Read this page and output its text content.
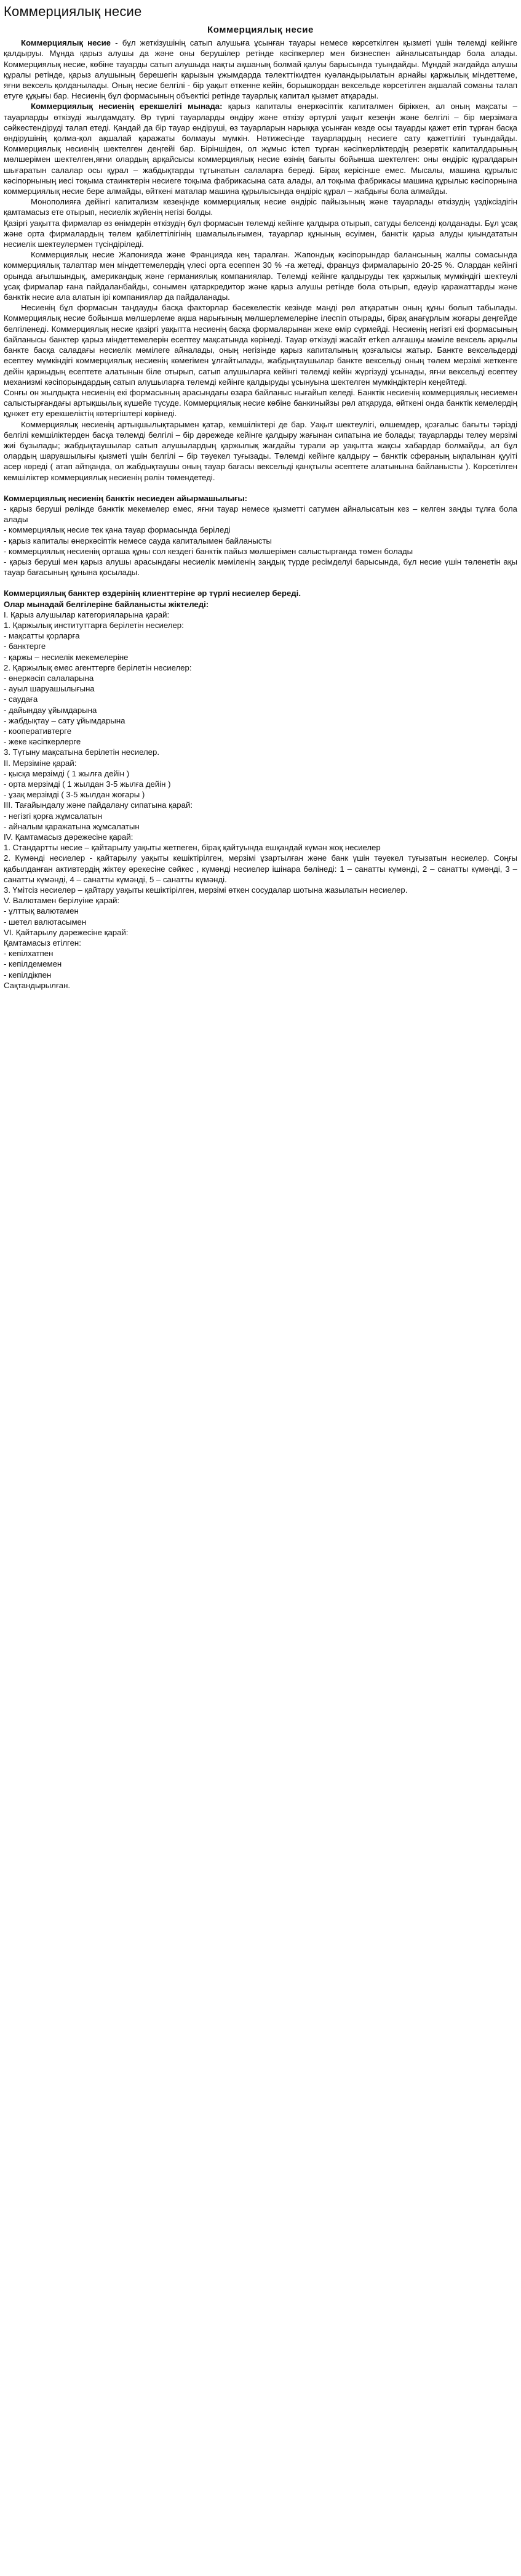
Коммерциялық несие
Коммерциялық несие

Коммерциялық несие - бұл жеткізушінің сатып алушыға ұсынған тауары немесе көрсеткілген қызметі үшін төлемді кейінге қалдыруы. Мұнда қарыз алушы да және оны берушілер ретінде кәсіпкерлер мен бизнеспен айналысатындар бола алады. Коммерциялық несие, көбіне тауарды сатып алушыда нақты ақшаның болмай қалуы барысында туындайды. Мұндай жағдайда алушы құралы ретінде, қарыз алушының берешегін қарызын ұжымдарда тәлекттікидтен куәландырылатын арнайы қаржылық міндеттеме, яғни вексель қолданылады. Оның несие белгілі - бір уақыт өткенне кейін, борышкордан вексельде көрсетілген ақшалай соманы талап етуге құқығы бар. Несиенің бұл формасының объектісі ретінде тауарлық капитал қызмет атқарады.

Коммерциялық несиенің ерекшелігі мынада: қарыз капиталы өнеркәсіптік капиталмен біріккен, ал оның мақсаты – тауарларды өткізуді жылдамдату. Әр түрлі тауарларды өндіру және өткізу әртүрлі уақыт кезеңін және белгілі – бір мерзімаға сәйкестендіруді талап етеді. Қандай да бір тауар өндіруші, өз тауарларын нарыққа ұсынған кезде осы тауарды қажет етіп тұрған басқа өндірушінің қолма-қол ақшалай қаражаты болмауы мүмкін. Нәтижесінде тауарлардың несиеге сату қажеттілігі туындайды. Коммерциялық несиенің шектелген деңгейі бар. Біріншіден, ол жұмыс істеп тұрған кәсіпкерліктердің резервтік капиталдарының мөлшерімен шектелген,яғни олардың арқайсысы коммерциялық несие өзінің бағыты бойынша шектелген: оны өндіріс құралдарын шығаратын салалар осы құрал – жабдықтарды тұтынатын салаларға береді. Бірақ керісінше емес. Мысалы, машина құрылыс кәсіпорнының иесі тоқыма стаинктерін несиеге тоқыма фабрикасына сата алады, ал тоқыма фабрикасы машина құрылыс кәсіпорнына коммерциялық несие бере алмайды, өйткені маталар машина құрылысында өндіріс құрал – жабдығы бола алмайды.

Монополияға дейінгі капитализм кезеңінде коммерциялық несие өндіріс пайызының және тауарлады өткізудің үздіксіздігін қамтамасыз ете отырып, несиелік жүйенің негізі болды.

Қазіргі уақытта фирмалар өз өнімдерін өткізудің бұл формасын төлемді кейінге қалдыра отырып, сатуды белсенді қолданады. Бұл ұсақ және орта фирмалардың төлем қабілеттілігінің шамалылығымен, тауарлар құнының өсуімен, банктік қарыз алуды қиындататын несиелік шектеулермен түсіндіріледі.

Коммерциялық несие Жапонияда және Францияда кең таралған. Жапондық кәсіпорындар балансының жалпы сомасында коммерциялық талаптар мен міндеттемелердің үлесі орта есеппен 30 % -ға жетеді, француз фирмаларыніо 20-25 %. Олардан кейінгі орында ағылшындық, американдық және германиялық компаниялар. Төлемді кейінге қалдыруды тек қаржылық мүмкіндігі шектеулі ұсақ фирмалар ғана пайдаланбайды, сонымен қатаркредитор және қарыз алушы ретінде бола отырып, едәуір қаражаттарды және банктік несие ала алатын ірі компаниялар да пайдаланады.

Несиенің бұл формасын таңдауды басқа факторлар бәсекелестік кезінде маңді рөл атқаратын оның құны болып табылады. Коммерциялық несие бойынша мөлшерлеме ақша нарығының мөлшерлемелеріне ілеспіп отырады, бірақ анағұрлым жоғары деңгейде белгіленеді. Коммерциялық несие қазіргі уақытта несиенің басқа формаларынан жеке өмір сүрмейді. Несиенің негізгі екі формасының байланысы банктер қарыз міндеттемелерін есептеу мақсатында көрінеді. Тауар өткізуді жасайт етken алғашқы мәміле вексель арқылы банкте басқа саладағы несиелік мәмілеге айналады, оның негізінде қарыз капиталының қозғалысы жатыр. Банкте вексельдерді есептеу мүмкіндігі коммерциялық несиенің көмегімен ұлғайтылады, жабдықтаушылар банкте вексельді оның төлем мерзімі жеткенге дейін қаржыдың есептете алатынын біле отырып, сатып алушыларға кейінгі төлемді кейін жүргізуді ұсынады, яғни вексельді есептеу механизмі кәсіпорындардың сатып алушыларға төлемді кейінге қалдыруды ұсынуына шектелген мүмкіндіктерін кеңейтеді.

Сонғы он жылдықта несиенің екі формасының арасындағы өзара байланыс нығайып келеді. Банктік несиенің коммерциялық несиемен салыстырғандағы артықшылық күшейе түсуде. Коммерциялық несие көбіне банкиныйзы рөл атқаруда, өйткені онда банктік кемелердің құнжет ету ерекшеліктің көтергіштері көрінеді.

Коммерциялық несиенің артықшылықтарымен қатар, кемшіліктері де бар. Уақыт шектеулігі, өлшемдер, қозғалыс бағыты тәрізді белгілі кемшіліктерден басқа төлемді белгілі – бір дәрежеде кейінге қалдыру жағынан сипатына ие болады; тауарларды телеу мерзімі жиі бұзылады; жабдықтаушылар сатып алушылардың қаржылық жағдайы турали әр уақытта жақсы хабардар болмайды, ал бұл олардың шаруашылығы қызметі үшін белгілі – бір тәуекел туғызады. Төлемді кейінге қалдыру – банктік сфераның ықпалынан қууіті асер көреді ( атап айтқанда, ол жабдықтаушы оның тауар бағасы вексельді қанқтылы әсептете алатынына байланысты ). Көрсетілген кемшіліктер коммерциялық несиенің рөлін төмендетеді.

Коммерциялық несиенің банктік несиеден айырмашылығы:

- қарыз беруші рөлінде банктік мекемелер емес, яғни тауар немесе қызметті сатумен айналысатын кез – келген заңды тұлға бола алады

- коммерциялық несие тек қана тауар формасында беріледі

- қарыз капиталы өнеркәсіптік немесе сауда капиталымен байланысты

- коммерциялық несиенің орташа құны сол кездегі банктік пайыз мөлшерімен салыстырғанда төмен болады

- қарыз беруші мен қарыз алушы арасындағы несиелік мәміленің заңдық түрде ресімделуі барысында, бұл несие үшін төленетін ақы тауар бағасының құнына қосылады.

Коммерциялық банктер өздерінің клиенттеріне әр түрлі несиелер береді.

Олар мынадай белгілеріне байланысты жіктеледі:

I. Қарыз алушылар категорияларына қарай:

1. Қаржылық институттарға берілетін несиелер:

- мақсатты қорларға

- банктерге

- қаржы – несиелік мекемелеріне

2. Қаржылық емес агенттерге берілетін несиелер:

- өнеркәсіп салаларына

- ауыл шаруашылығына

- саудаға

- дайындау ұйымдарына

- жабдықтау – сату ұйымдарына

- кооперативтерге

- жеке кәсіпкерлерге

3. Түтыну мақсатына берілетін несиелер.

II. Мерзіміне қарай:

- қысқа мерзімді ( 1 жылға дейін )

- орта мерзімді ( 1 жылдан 3-5 жылға дейін )

- ұзақ мерзімді ( 3-5 жылдан жоғары )

III. Тағайындалу және пайдалану сипатына қарай:

- негізгі қорға жұмсалатын

- айналым қаражатына жұмсалатын

IV. Қамтамасыз дәрежесіне қарай:

1. Стандартты несие – қайтарылу уақыты жетпеген, бірақ қайтуында ешқандай күмән жоқ несиелер

2. Күмәнді несиелер - қайтарылу уақыты кешіктірілген, мерзімі ұзартылған және банк үшін тәуекел туғызатын несиелер. Соңғы қабылданған активтердің жіктеу әрекесіне сәйкес , күмәнді несиелер ішінара бөлінеді: 1 – санатты күмәнді, 2 – санатты күмәнді, 3 – санатты күмәнді, 4 – санатты күмәнді, 5 – санатты күмәнді.

3. Үмітсіз несиелер – қайтару уақыты кешіктірілген, мерзімі өткен сосудалар шотына жазылатын несиелер.

V. Валютамен берілуіне қарай:

- ұлттық валютамен

- шетел валютасымен

VI. Қайтарылу дәрежесіне қарай:

Қамтамасыз етілген:

- кепілхатпен

- кепілдемемен

- кепілдікпен

Сақтандырылған.
